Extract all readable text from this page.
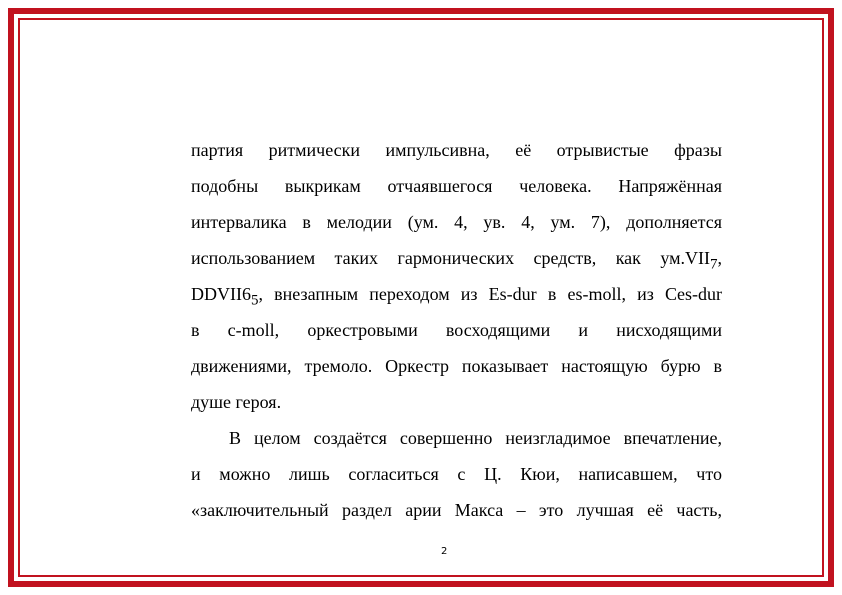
партия ритмически импульсивна, её отрывистые фразы
подобны выкрикам отчаявшегося человека. Напряжённая
интервалика в мелодии (ум. 4, ув. 4, ум. 7), дополняется
использованием таких гармонических средств, как $ум.VII_7$,
$DDVII6_5$, внезапным переходом из Es-dur в es-moll, из Ces-dur
в c-moll, оркестровыми восходящими и нисходящими
движениями, тремоло. Оркестр показывает настоящую бурю в
душе героя.
В целом создаётся совершенно неизгладимое впечатление,
и можно лишь согласиться с Ц. Кюи, написавшем, что
«заключительный раздел арии Макса – это лучшая её часть,
2
